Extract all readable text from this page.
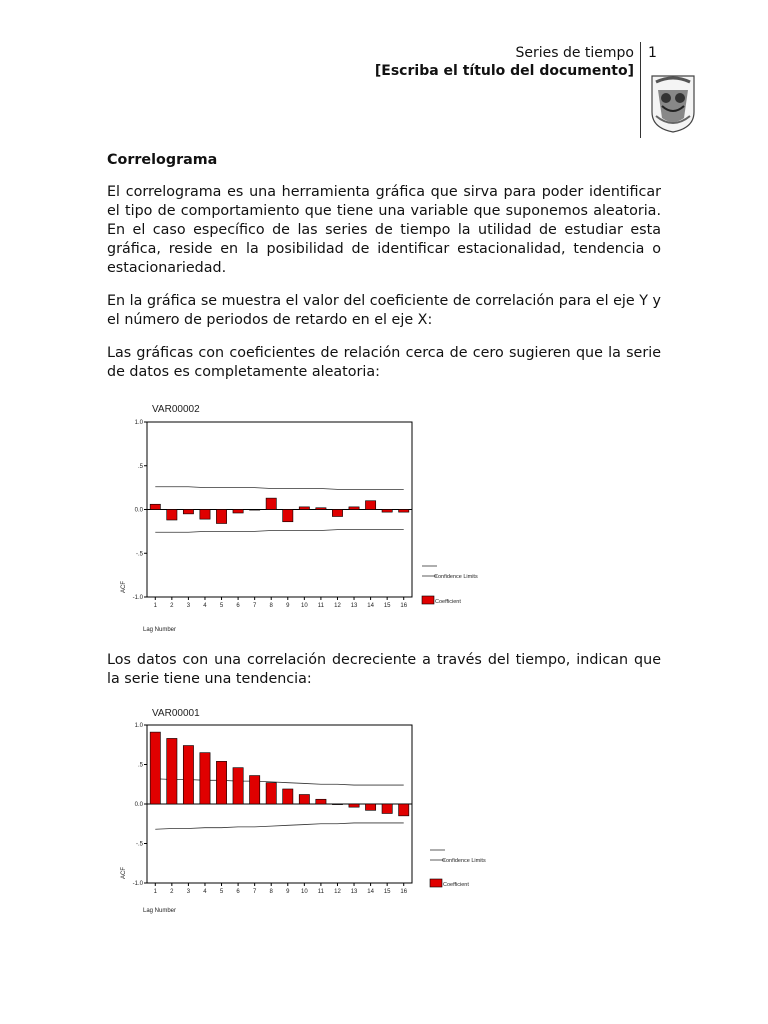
Series de tiempo
[Escriba el título del documento]
1
Correlograma

El correlograma es una herramienta gráfica que sirva para poder identificar el tipo de comportamiento que tiene una variable que suponemos aleatoria. En el caso específico de las series de tiempo la utilidad de estudiar esta gráfica, reside en la posibilidad de identificar estacionalidad, tendencia o estacionariedad.

En la gráfica se muestra el valor del coeficiente de correlación para el eje Y y el número de periodos de retardo en el eje X:

Las gráficas con coeficientes de relación cerca de cero sugieren que la serie de datos es completamente aleatoria:

Los datos con una correlación decreciente a través del tiempo, indican que la serie tiene una tendencia:

VAR00002
1.0
.5
0.0
-.5
-1.0
1 2 3 4 5 6 7 8 9 10 11 12 13 14 15 16
ACF
Lag Number
Confidence Limits
Coefficient
VAR00001
1.0
.5
0.0
-.5
-1.0
1 2 3 4 5 6 7 8 9 10 11 12 13 14 15 16
ACF
Lag Number
Confidence Limits
Coefficient
